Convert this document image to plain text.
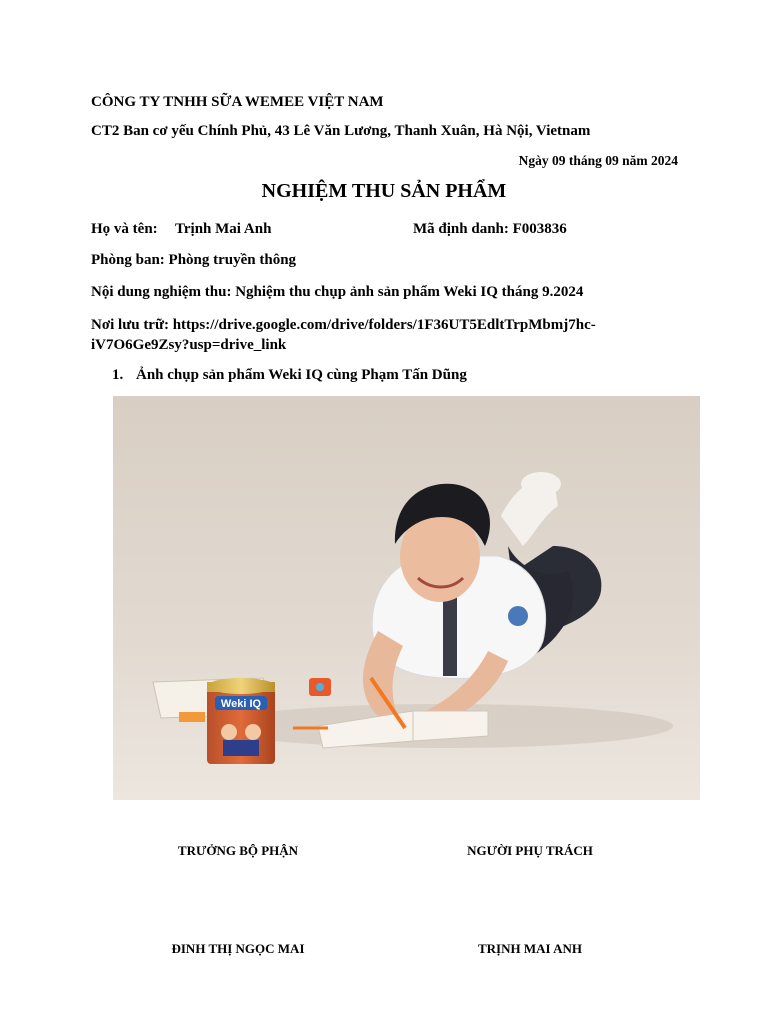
CÔNG TY TNHH SỮA WEMEE VIỆT NAM
CT2 Ban cơ yếu Chính Phủ, 43 Lê Văn Lương, Thanh Xuân, Hà Nội, Vietnam
Ngày 09 tháng 09 năm 2024
NGHIỆM THU SẢN PHẨM
Họ và tên: Trịnh Mai Anh	Mã định danh: F003836
Phòng ban: Phòng truyền thông
Nội dung nghiệm thu: Nghiệm thu chụp ảnh sản phẩm Weki IQ tháng 9.2024
Nơi lưu trữ: https://drive.google.com/drive/folders/1F36UT5EdltTrpMbmj7hc-iV7O6Ge9Zsy?usp=drive_link
1. Ảnh chụp sản phẩm Weki IQ cùng Phạm Tấn Dũng
Weki IQ
TRƯỞNG BỘ PHẬN	NGƯỜI PHỤ TRÁCH
ĐINH THỊ NGỌC MAI	TRỊNH MAI ANH
